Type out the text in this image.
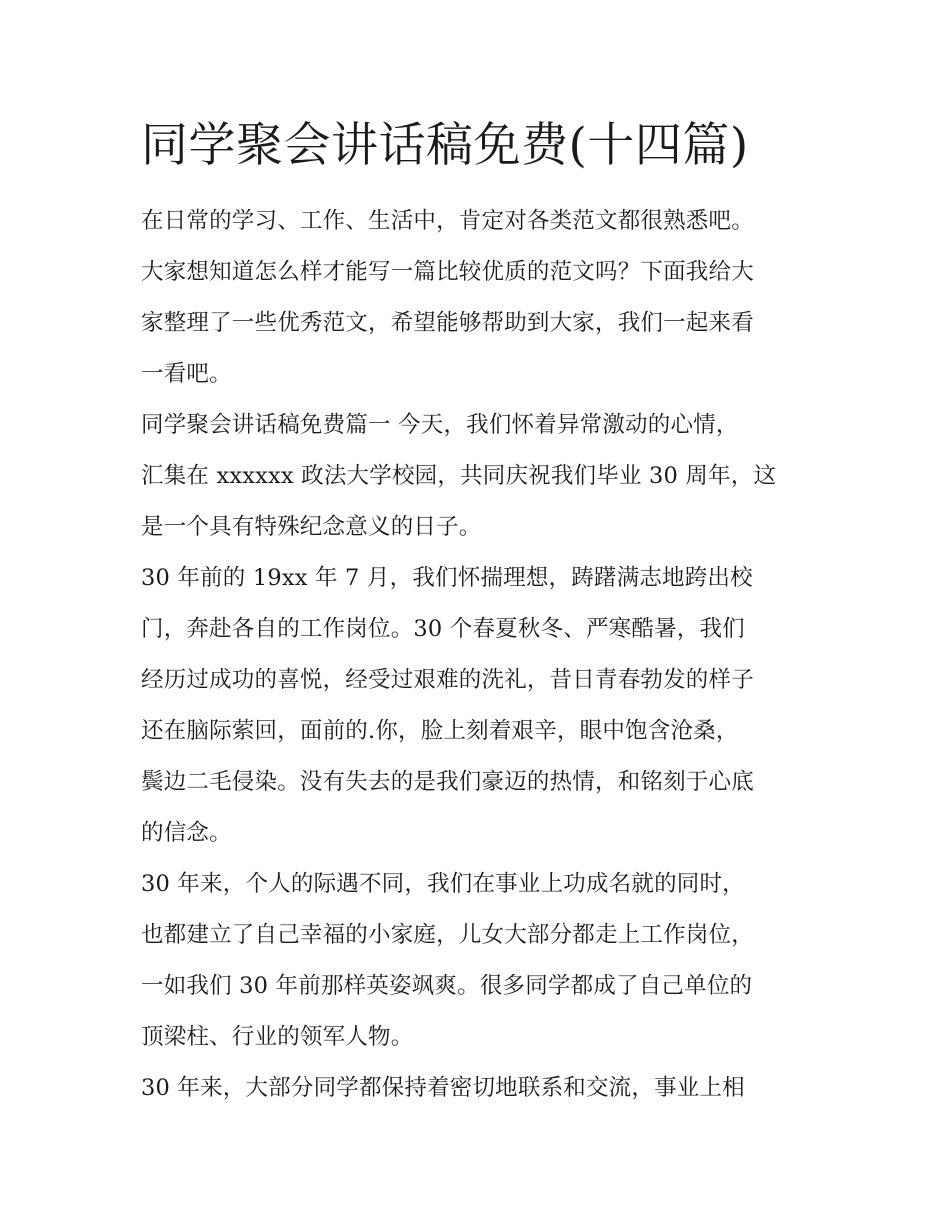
同学聚会讲话稿免费(十四篇)
在日常的学习、工作、生活中，肯定对各类范文都很熟悉吧。
大家想知道怎么样才能写一篇比较优质的范文吗？下面我给大
家整理了一些优秀范文，希望能够帮助到大家，我们一起来看
一看吧。
同学聚会讲话稿免费篇一 今天，我们怀着异常激动的心情，
汇集在 xxxxxx 政法大学校园，共同庆祝我们毕业 30 周年，这
是一个具有特殊纪念意义的日子。
30 年前的 19xx 年 7 月，我们怀揣理想，踌躇满志地跨出校
门，奔赴各自的工作岗位。30 个春夏秋冬、严寒酷暑，我们
经历过成功的喜悦，经受过艰难的洗礼，昔日青春勃发的样子
还在脑际萦回，面前的.你，脸上刻着艰辛，眼中饱含沧桑，
鬓边二毛侵染。没有失去的是我们豪迈的热情，和铭刻于心底
的信念。
30 年来，个人的际遇不同，我们在事业上功成名就的同时，
也都建立了自己幸福的小家庭，儿女大部分都走上工作岗位，
一如我们 30 年前那样英姿飒爽。很多同学都成了自己单位的
顶梁柱、行业的领军人物。
30 年来，大部分同学都保持着密切地联系和交流，事业上相
